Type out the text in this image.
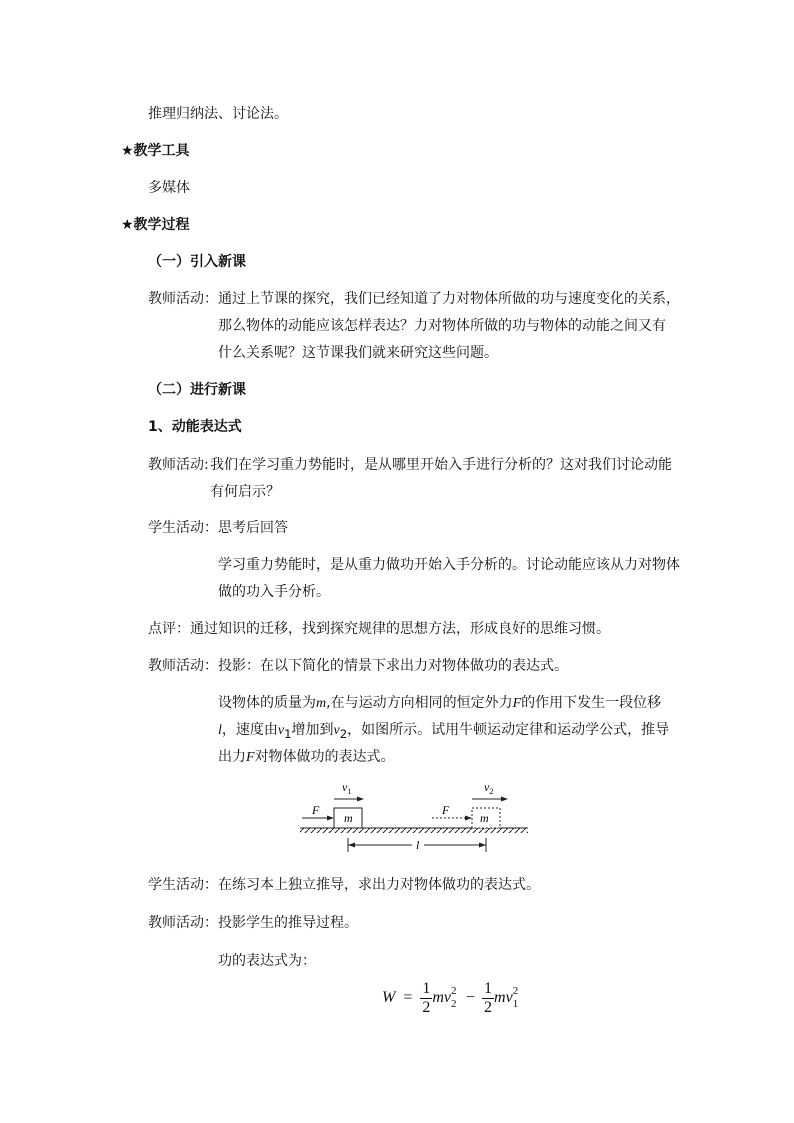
推理归纳法、讨论法。
★教学工具
多媒体
★教学过程
（一）引入新课
教师活动： 通过上节课的探究，我们已经知道了力对物体所做的功与速度变化的关系，
那么物体的动能应该怎样表达？力对物体所做的功与物体的动能之间又有
什么关系呢？这节课我们就来研究这些问题。
（二）进行新课
1、动能表达式
教师活动: 我们在学习重力势能时，是从哪里开始入手进行分析的？这对我们讨论动能
有何启示？
学生活动： 思考后回答
学习重力势能时，是从重力做功开始入手分析的。讨论动能应该从力对物体
做的功入手分析。
点评：通过知识的迁移，找到探究规律的思想方法，形成良好的思维习惯。
教师活动： 投影：在以下简化的情景下求出力对物体做功的表达式。
设物体的质量为m,在与运动方向相同的恒定外力F的作用下发生一段位移
l，速度由$v_1$增加到$v_2$，如图所示。试用牛顿运动定律和运动学公式，推导
出力F对物体做功的表达式。
m
F
$v_1$
m
F
$v_2$
l
学生活动： 在练习本上独立推导，求出力对物体做功的表达式。
教师活动： 投影学生的推导过程。
功的表达式为：
$W = \frac{1}{2}$ mv 2
$2 - \frac{1}{2}$ mv 2
1
